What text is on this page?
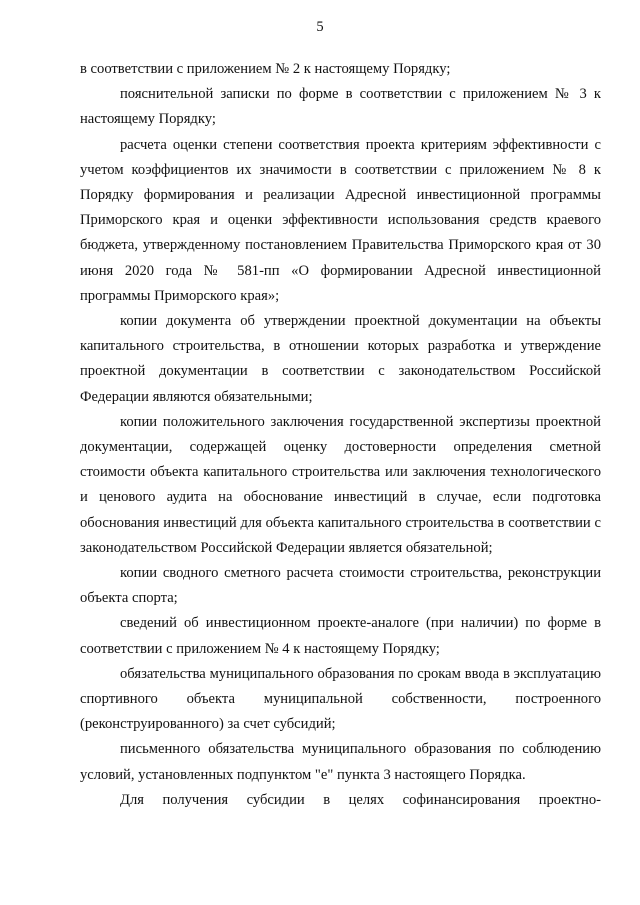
5

в соответствии с приложением № 2 к настоящему Порядку;

пояснительной записки по форме в соответствии с приложением № 3 к настоящему Порядку;

расчета оценки степени соответствия проекта критериям эффективности с учетом коэффициентов их значимости в соответствии с приложением № 8 к Порядку формирования и реализации Адресной инвестиционной программы Приморского края и оценки эффективности использования средств краевого бюджета, утвержденному постановлением Правительства Приморского края от 30 июня 2020 года № 581-пп «О формировании Адресной инвестиционной программы Приморского края»;

копии документа об утверждении проектной документации на объекты капитального строительства, в отношении которых разработка и утверждение проектной документации в соответствии с законодательством Российской Федерации являются обязательными;

копии положительного заключения государственной экспертизы проектной документации, содержащей оценку достоверности определения сметной стоимости объекта капитального строительства или заключения технологического и ценового аудита на обоснование инвестиций в случае, если подготовка обоснования инвестиций для объекта капитального строительства в соответствии с законодательством Российской Федерации является обязательной;

копии сводного сметного расчета стоимости строительства, реконструкции объекта спорта;

сведений об инвестиционном проекте-аналоге (при наличии) по форме в соответствии с приложением № 4 к настоящему Порядку;

обязательства муниципального образования по срокам ввода в эксплуатацию спортивного объекта муниципальной собственности, построенного (реконструированного) за счет субсидий;

письменного обязательства муниципального образования по соблюдению условий, установленных подпунктом "е" пункта 3 настоящего Порядка.

Для получения субсидии в целях софинансирования проектно-
